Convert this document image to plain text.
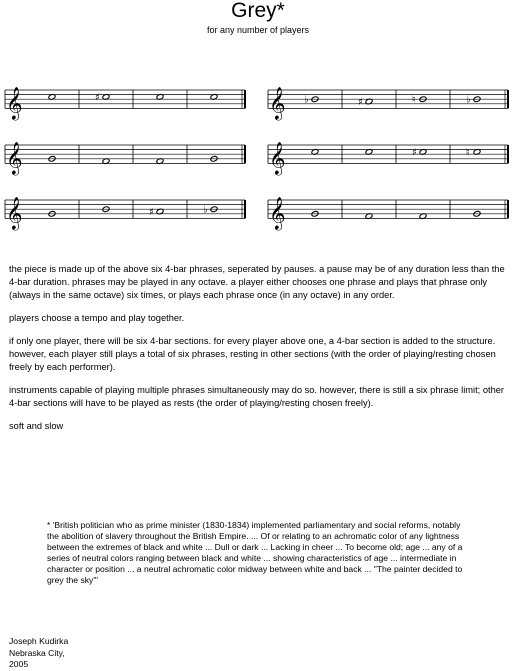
Grey*
for any number of players
𝄞	♯	𝄞 ♭	♯	♮	♭
𝄞	𝄞	♯	♮
𝄞	♯	♭ 𝄞

the piece is made up of the above six 4-bar phrases, seperated by pauses. a pause may be of any duration less than the 4-bar duration. phrases may be played in any octave. a player either chooses one phrase and plays that phrase only (always in the same octave) six times, or plays each phrase once (in any octave) in any order.

players choose a tempo and play together.

if only one player, there will be six 4-bar sections. for every player above one, a 4-bar section is added to the structure. however, each player still plays a total of six phrases, resting in other sections (with the order of playing/resting chosen freely by each performer).

instruments capable of playing multiple phrases simultaneously may do so. however, there is still a six phrase limit; other 4-bar sections will have to be played as rests (the order of playing/resting chosen freely).

soft and slow

* 'British politician who as prime minister (1830-1834) implemented parliamentary and social reforms, notably the abolition of slavery throughout the British Empire. ... Of or relating to an achromatic color of any lightness between the extremes of black and white ... Dull or dark ... Lacking in cheer ... To become old; age ... any of a series of neutral colors ranging between black and white ... showing characteristics of age ... intermediate in character or position ... a neutral achromatic color midway between white and back ... "The painter decided to grey the sky"'

Joseph Kudirka
Nebraska City,
2005
